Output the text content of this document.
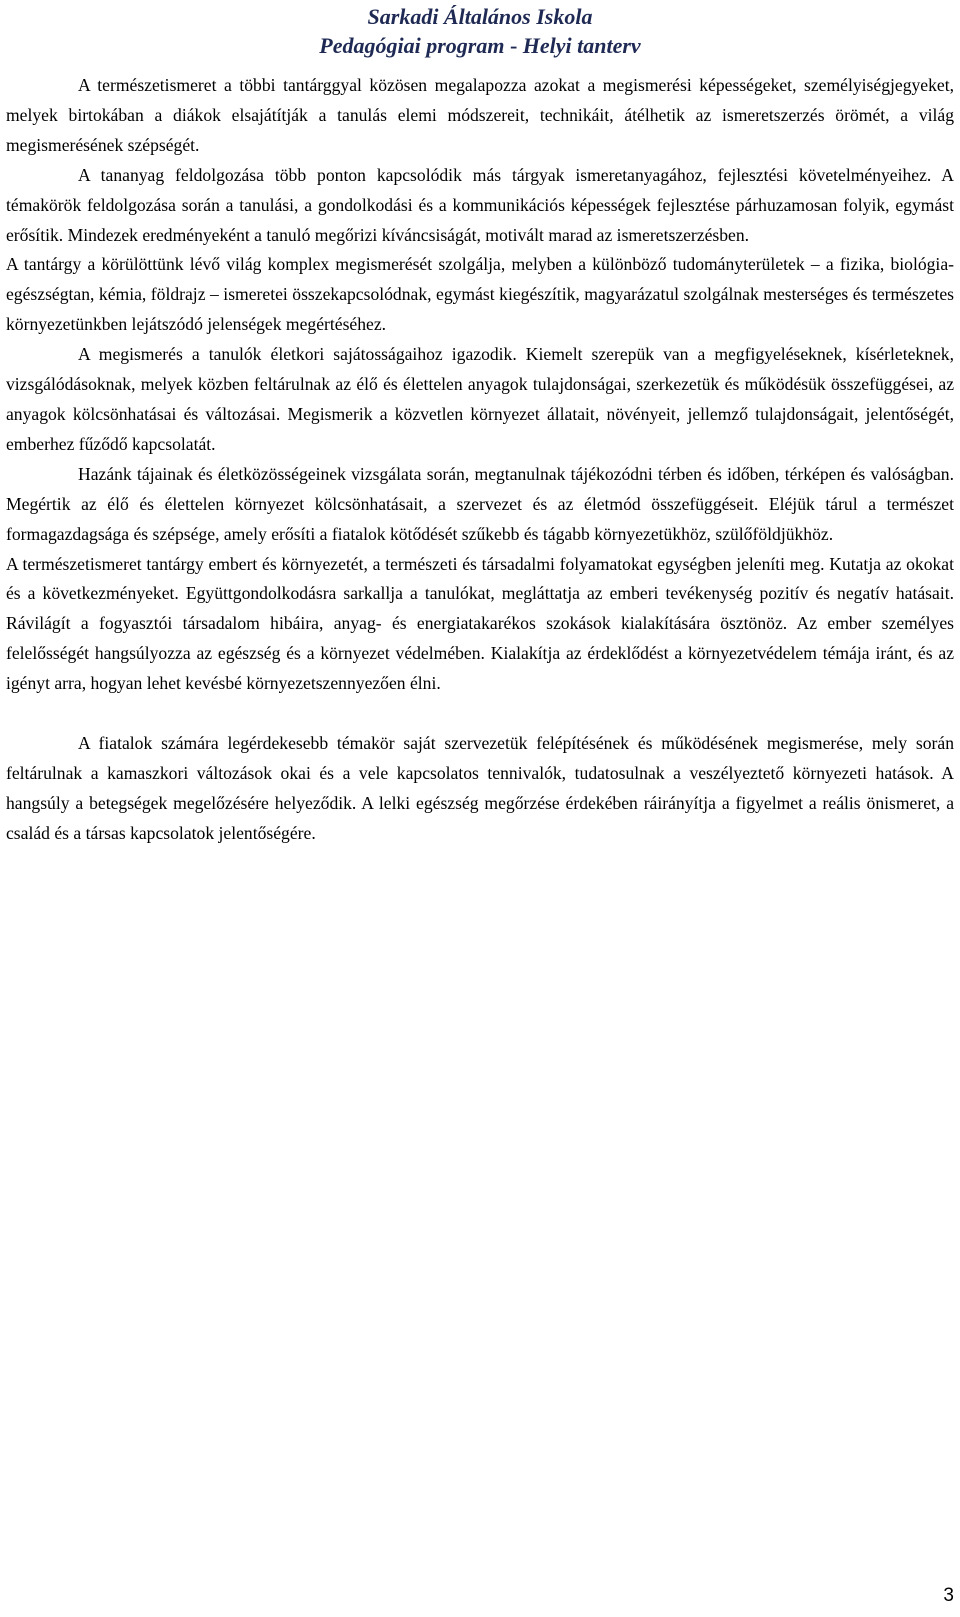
Sarkadi Általános Iskola
Pedagógiai program - Helyi tanterv

A természetismeret a többi tantárggyal közösen megalapozza azokat a megismerési képességeket, személyiségjegyeket, melyek birtokában a diákok elsajátítják a tanulás elemi módszereit, technikáit, átélhetik az ismeretszerzés örömét, a világ megismerésének szépségét.

A tananyag feldolgozása több ponton kapcsolódik más tárgyak ismeretanyagához, fejlesztési követelményeihez. A témakörök feldolgozása során a tanulási, a gondolkodási és a kommunikációs képességek fejlesztése párhuzamosan folyik, egymást erősítik. Mindezek eredményeként a tanuló megőrizi kíváncsiságát, motivált marad az ismeretszerzésben.

A tantárgy a körülöttünk lévő világ komplex megismerését szolgálja, melyben a különböző tudományterületek – a fizika, biológia-egészségtan, kémia, földrajz – ismeretei összekapcsolódnak, egymást kiegészítik, magyarázatul szolgálnak mesterséges és természetes környezetünkben lejátszódó jelenségek megértéséhez.

A megismerés a tanulók életkori sajátosságaihoz igazodik. Kiemelt szerepük van a megfigyeléseknek, kísérleteknek, vizsgálódásoknak, melyek közben feltárulnak az élő és élettelen anyagok tulajdonságai, szerkezetük és működésük összefüggései, az anyagok kölcsönhatásai és változásai. Megismerik a közvetlen környezet állatait, növényeit, jellemző tulajdonságait, jelentőségét, emberhez fűződő kapcsolatát.

Hazánk tájainak és életközösségeinek vizsgálata során, megtanulnak tájékozódni térben és időben, térképen és valóságban. Megértik az élő és élettelen környezet kölcsönhatásait, a szervezet és az életmód összefüggéseit. Eléjük tárul a természet formagazdagsága és szépsége, amely erősíti a fiatalok kötődését szűkebb és tágabb környezetükhöz, szülőföldjükhöz.

A természetismeret tantárgy embert és környezetét, a természeti és társadalmi folyamatokat egységben jeleníti meg. Kutatja az okokat és a következményeket. Együttgondolkodásra sarkallja a tanulókat, megláttatja az emberi tevékenység pozitív és negatív hatásait. Rávilágít a fogyasztói társadalom hibáira, anyag- és energiatakarékos szokások kialakítására ösztönöz. Az ember személyes felelősségét hangsúlyozza az egészség és a környezet védelmében. Kialakítja az érdeklődést a környezetvédelem témája iránt, és az igényt arra, hogyan lehet kevésbé környezetszennyezően élni.

A fiatalok számára legérdekesebb témakör saját szervezetük felépítésének és működésének megismerése, mely során feltárulnak a kamaszkori változások okai és a vele kapcsolatos tennivalók, tudatosulnak a veszélyeztető környezeti hatások. A hangsúly a betegségek megelőzésére helyeződik. A lelki egészség megőrzése érdekében ráirányítja a figyelmet a reális önismeret, a család és a társas kapcsolatok jelentőségére.

3
